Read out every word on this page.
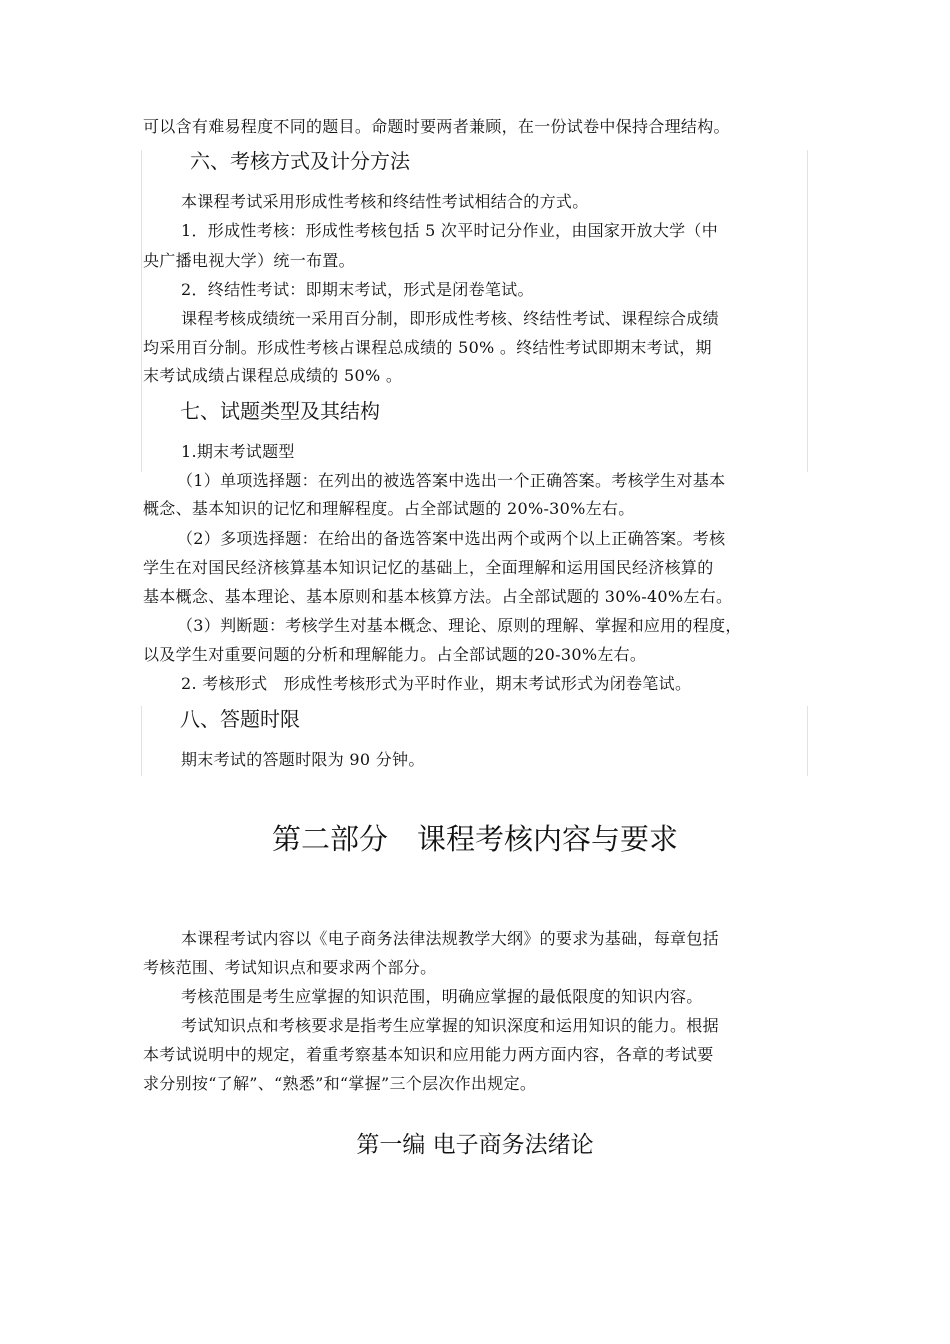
可以含有难易程度不同的题目。命题时要两者兼顾，在一份试卷中保持合理结构。
六、考核方式及计分方法
本课程考试采用形成性考核和终结性考试相结合的方式。
1．形成性考核：形成性考核包括 5 次平时记分作业，由国家开放大学（中
央广播电视大学）统一布置。
2．终结性考试：即期末考试，形式是闭卷笔试。
课程考核成绩统一采用百分制，即形成性考核、终结性考试、课程综合成绩
均采用百分制。形成性考核占课程总成绩的 50% 。终结性考试即期末考试，期
末考试成绩占课程总成绩的 50% 。
七、试题类型及其结构
1.期末考试题型
（1）单项选择题：在列出的被选答案中选出一个正确答案。考核学生对基本
概念、基本知识的记忆和理解程度。占全部试题的 20%-30%左右。
（2）多项选择题：在给出的备选答案中选出两个或两个以上正确答案。考核
学生在对国民经济核算基本知识记忆的基础上，全面理解和运用国民经济核算的
基本概念、基本理论、基本原则和基本核算方法。占全部试题的 30%-40%左右。
（3）判断题：考核学生对基本概念、理论、原则的理解、掌握和应用的程度，
以及学生对重要问题的分析和理解能力。占全部试题的20-30%左右。
2. 考核形式　形成性考核形式为平时作业，期末考试形式为闭卷笔试。
八、答题时限
期末考试的答题时限为 90 分钟。
第二部分　课程考核内容与要求
本课程考试内容以《电子商务法律法规教学大纲》的要求为基础，每章包括
考核范围、考试知识点和要求两个部分。
考核范围是考生应掌握的知识范围，明确应掌握的最低限度的知识内容。
考试知识点和考核要求是指考生应掌握的知识深度和运用知识的能力。根据
本考试说明中的规定，着重考察基本知识和应用能力两方面内容，各章的考试要
求分别按“了解”、“熟悉”和“掌握”三个层次作出规定。
第一编 电子商务法绪论
